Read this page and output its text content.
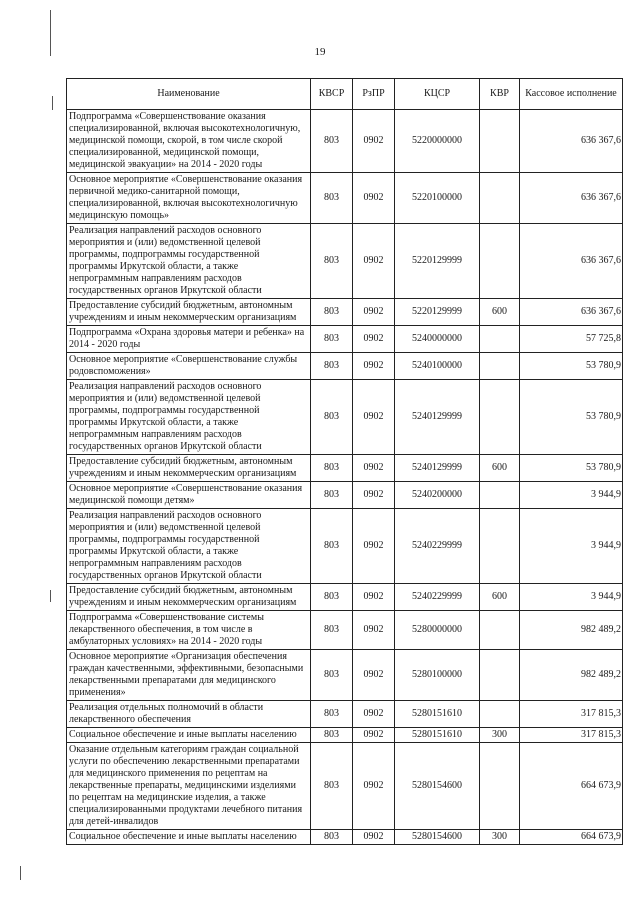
19
Наименование	КВСР	РзПР	КЦСР	КВР	Кассовое исполнение
Подпрограмма «Совершенствование оказания специализированной, включая высокотехнологичную, медицинской помощи, скорой, в том числе скорой специализированной, медицинской помощи, медицинской эвакуации» на 2014 - 2020 годы	803	0902	5220000000		636 367,6
Основное мероприятие «Совершенствование оказания первичной медико-санитарной помощи, специализированной, включая высокотехнологичную медицинскую помощь»	803	0902	5220100000		636 367,6
Реализация направлений расходов основного мероприятия и (или) ведомственной целевой программы, подпрограммы государственной программы Иркутской области, а также непрограммным направлениям расходов государственных органов Иркутской области	803	0902	5220129999		636 367,6
Предоставление субсидий бюджетным, автономным учреждениям и иным некоммерческим организациям	803	0902	5220129999	600	636 367,6
Подпрограмма «Охрана здоровья матери и ребенка» на 2014 - 2020 годы	803	0902	5240000000		57 725,8
Основное мероприятие «Совершенствование службы родовспоможения»	803	0902	5240100000		53 780,9
Реализация направлений расходов основного мероприятия и (или) ведомственной целевой программы, подпрограммы государственной программы Иркутской области, а также непрограммным направлениям расходов государственных органов Иркутской области	803	0902	5240129999		53 780,9
Предоставление субсидий бюджетным, автономным учреждениям и иным некоммерческим организациям	803	0902	5240129999	600	53 780,9
Основное мероприятие «Совершенствование оказания медицинской помощи детям»	803	0902	5240200000		3 944,9
Реализация направлений расходов основного мероприятия и (или) ведомственной целевой программы, подпрограммы государственной программы Иркутской области, а также непрограммным направлениям расходов государственных органов Иркутской области	803	0902	5240229999		3 944,9
Предоставление субсидий бюджетным, автономным учреждениям и иным некоммерческим организациям	803	0902	5240229999	600	3 944,9
Подпрограмма «Совершенствование системы лекарственного обеспечения, в том числе в амбулаторных условиях» на 2014 - 2020 годы	803	0902	5280000000		982 489,2
Основное мероприятие «Организация обеспечения граждан качественными, эффективными, безопасными лекарственными препаратами для медицинского применения»	803	0902	5280100000		982 489,2
Реализация отдельных полномочий в области лекарственного обеспечения	803	0902	5280151610		317 815,3
Социальное обеспечение и иные выплаты населению	803	0902	5280151610	300	317 815,3
Оказание отдельным категориям граждан социальной услуги по обеспечению лекарственными препаратами для медицинского применения по рецептам на лекарственные препараты, медицинскими изделиями по рецептам на медицинские изделия, а также специализированными продуктами лечебного питания для детей-инвалидов	803	0902	5280154600		664 673,9
Социальное обеспечение и иные выплаты населению	803	0902	5280154600	300	664 673,9
